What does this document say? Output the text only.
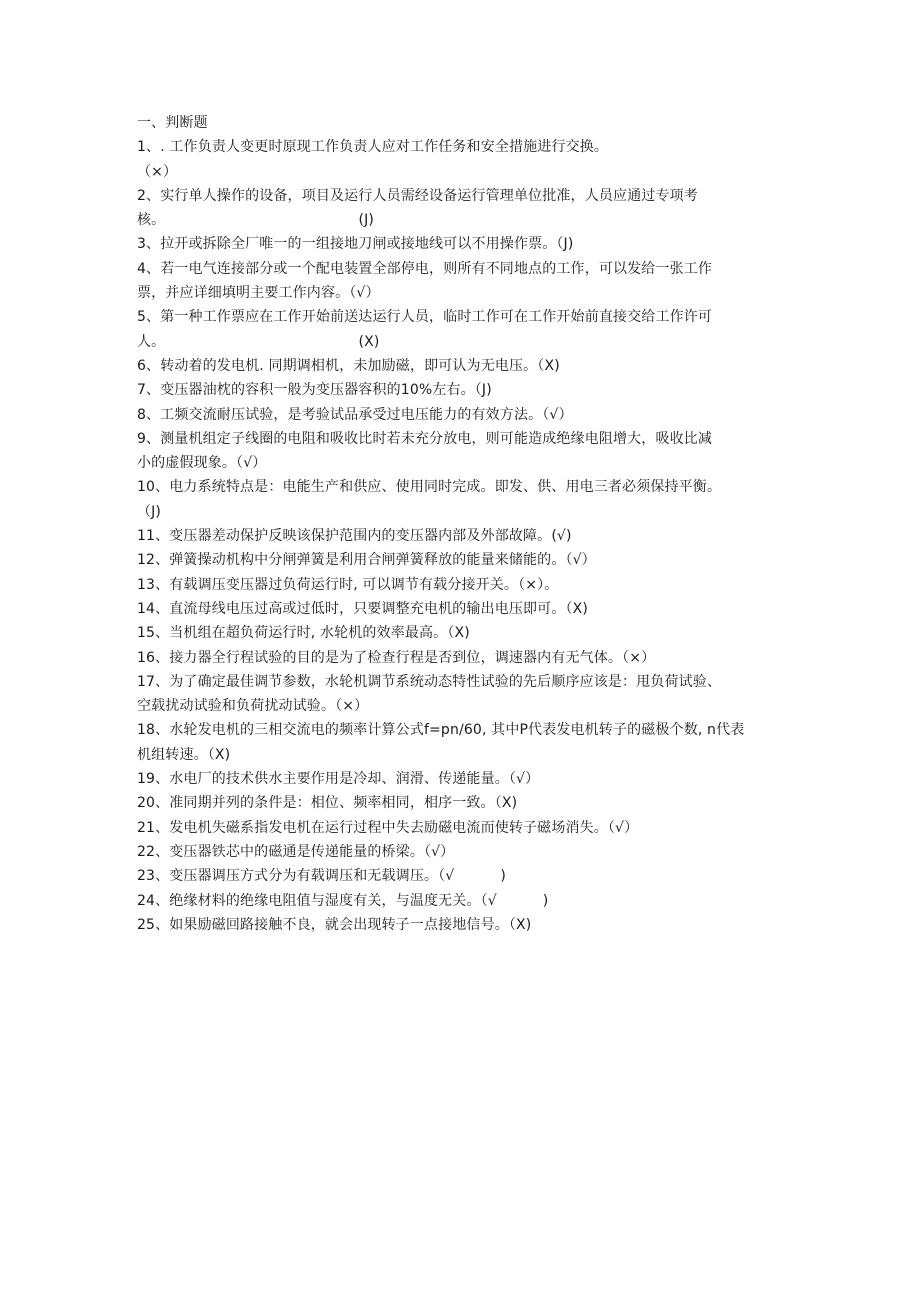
一、判断题
1、. 工作负责人变更时原现工作负责人应对工作任务和安全措施进行交换。
（×）
2、实行单人操作的设备，项目及运行人员需经设备运行管理单位批准，人员应通过专项考
核。                                          (J)
3、拉开或拆除全厂唯一的一组接地刀闸或接地线可以不用操作票。（J)
4、若一电气连接部分或一个配电装置全部停电，则所有不同地点的工作，可以发给一张工作
票，并应详细填明主要工作内容。（√）
5、第一种工作票应在工作开始前送达运行人员，临时工作可在工作开始前直接交给工作许可
人。                                          (X)
6、转动着的发电机. 同期调相机，未加励磁，即可认为无电压。（X)
7、变压器油枕的容积一般为变压器容积的10%左右。（J)
8、工频交流耐压试验，是考验试品承受过电压能力的有效方法。（√）
9、测量机组定子线圈的电阻和吸收比时若未充分放电，则可能造成绝缘电阻增大，吸收比减
小的虚假现象。（√）
10、电力系统特点是：电能生产和供应、使用同时完成。即发、供、用电三者必须保持平衡。
（J)
11、变压器差动保护反映该保护范围内的变压器内部及外部故障。(√)
12、弹簧操动机构中分闸弹簧是利用合闸弹簧释放的能量来储能的。（√）
13、有载调压变压器过负荷运行时, 可以调节有载分接开关。（×）。
14、直流母线电压过高或过低时，只要调整充电机的输出电压即可。（X)
15、当机组在超负荷运行时, 水轮机的效率最高。（X)
16、接力器全行程试验的目的是为了检查行程是否到位，调速器内有无气体。（×）
17、为了确定最佳调节参数，水轮机调节系统动态特性试验的先后顺序应该是：甩负荷试验、
空载扰动试验和负荷扰动试验。（×）
18、水轮发电机的三相交流电的频率计算公式f=pn∕60, 其中P代表发电机转子的磁极个数, n代表
机组转速。（X)
19、水电厂的技术供水主要作用是冷却、润滑、传递能量。（√）
20、准同期并列的条件是：相位、频率相同，相序一致。（X)
21、发电机失磁系指发电机在运行过程中失去励磁电流而使转子磁场消失。（√）
22、变压器铁芯中的磁通是传递能量的桥梁。（√）
23、变压器调压方式分为有载调压和无载调压。（√          )
24、绝缘材料的绝缘电阻值与湿度有关，与温度无关。（√          )
25、如果励磁回路接触不良，就会出现转子一点接地信号。（X)
